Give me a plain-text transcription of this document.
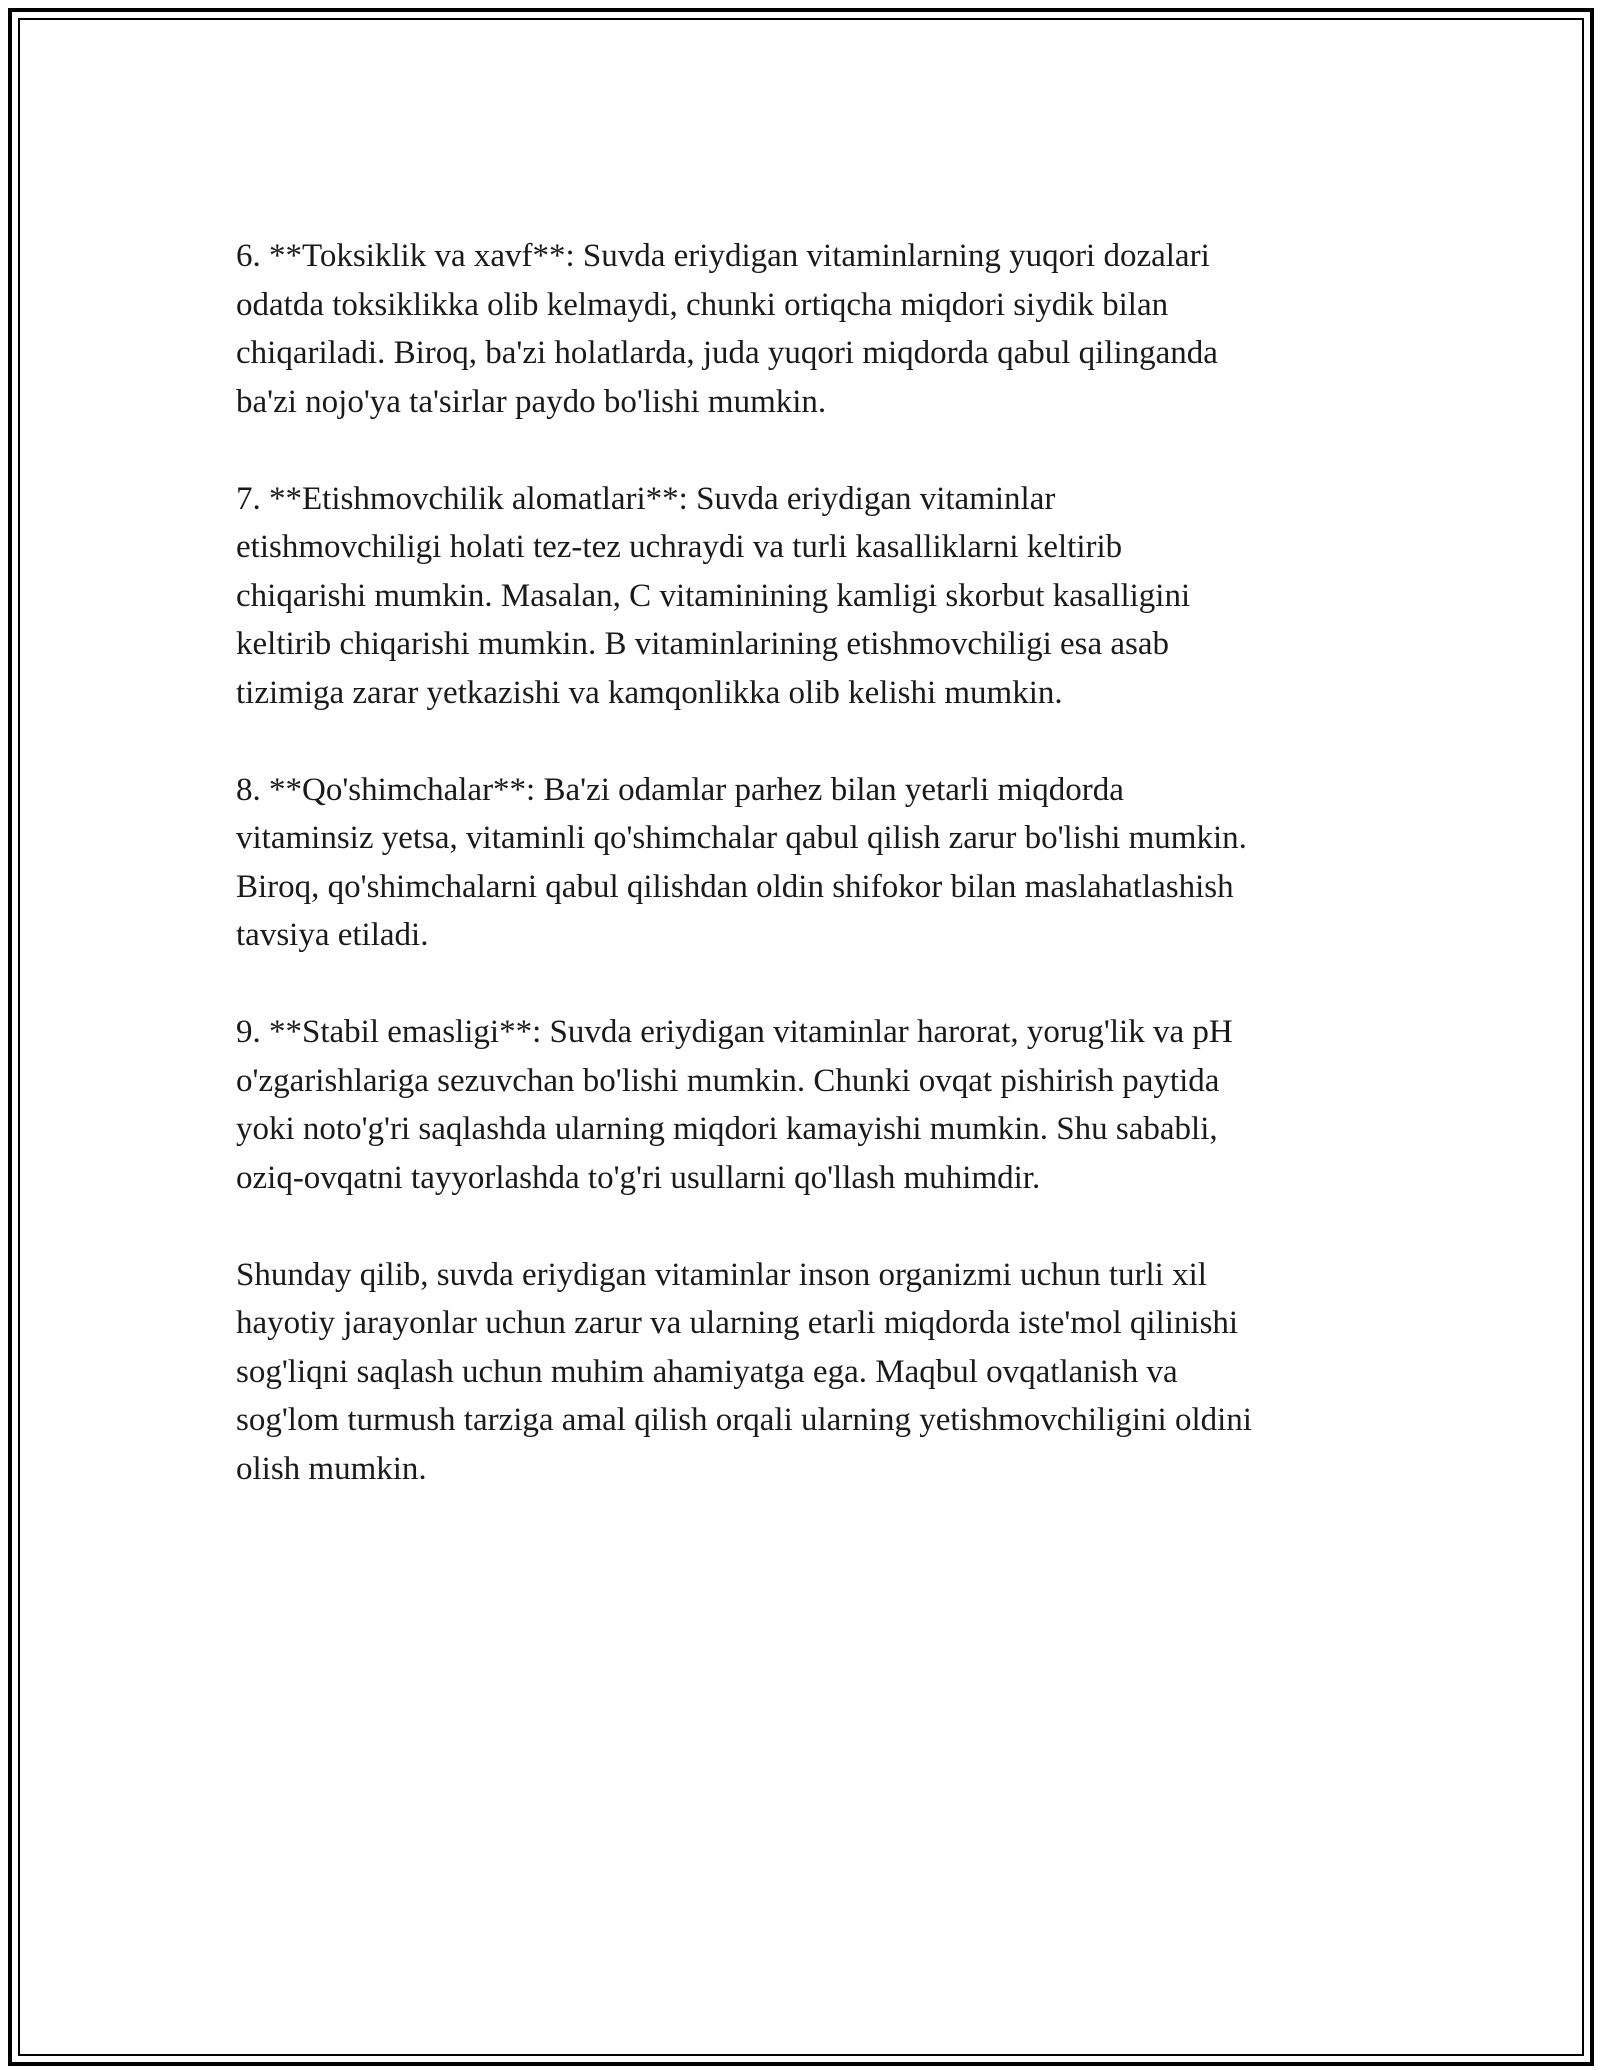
6. **Toksiklik va xavf**: Suvda eriydigan vitaminlarning yuqori dozalari
odatda toksiklikka olib kelmaydi, chunki ortiqcha miqdori siydik bilan
chiqariladi. Biroq, ba'zi holatlarda, juda yuqori miqdorda qabul qilinganda
ba'zi nojo'ya ta'sirlar paydo bo'lishi mumkin.

7. **Etishmovchilik alomatlari**: Suvda eriydigan vitaminlar
etishmovchiligi holati tez-tez uchraydi va turli kasalliklarni keltirib
chiqarishi mumkin. Masalan, C vitaminining kamligi skorbut kasalligini
keltirib chiqarishi mumkin. B vitaminlarining etishmovchiligi esa asab
tizimiga zarar yetkazishi va kamqonlikka olib kelishi mumkin.

8. **Qo'shimchalar**: Ba'zi odamlar parhez bilan yetarli miqdorda
vitaminsiz yetsa, vitaminli qo'shimchalar qabul qilish zarur bo'lishi mumkin.
Biroq, qo'shimchalarni qabul qilishdan oldin shifokor bilan maslahatlashish
tavsiya etiladi.

9. **Stabil emasligi**: Suvda eriydigan vitaminlar harorat, yorug'lik va pH
o'zgarishlariga sezuvchan bo'lishi mumkin. Chunki ovqat pishirish paytida
yoki noto'g'ri saqlashda ularning miqdori kamayishi mumkin. Shu sababli,
oziq-ovqatni tayyorlashda to'g'ri usullarni qo'llash muhimdir.

Shunday qilib, suvda eriydigan vitaminlar inson organizmi uchun turli xil
hayotiy jarayonlar uchun zarur va ularning etarli miqdorda iste'mol qilinishi
sog'liqni saqlash uchun muhim ahamiyatga ega. Maqbul ovqatlanish va
sog'lom turmush tarziga amal qilish orqali ularning yetishmovchiligini oldini
olish mumkin.
